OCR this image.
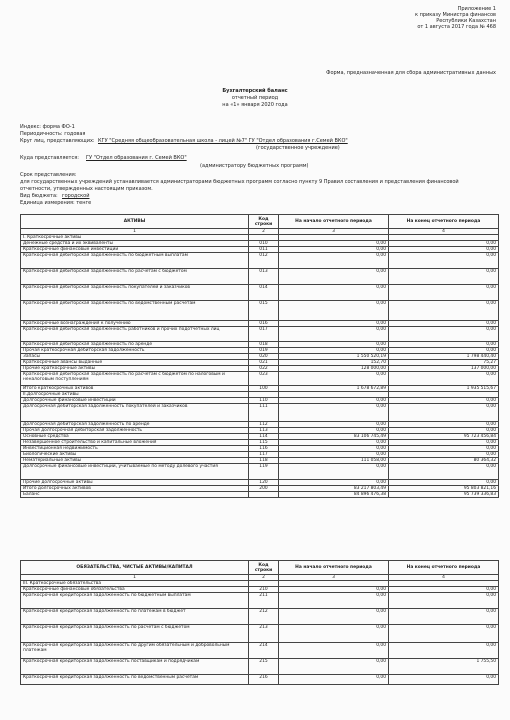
Приложение 1
к приказу Министра финансов
Республики Казахстан
от 1 августа 2017 года № 468
Форма, предназначенная для сбора административных данных
Бухгалтерский баланс
отчетный период
на «1» января 2020 года
Индекс: форма ФО-1
Периодичность: годовая
Круг лиц, представляющих: КГУ "Средняя общеобразовательная школа - лицей №7" ГУ "Отдел образования г.Семей ВКО"
(государственное учреждение)
Куда представляется: ГУ "Отдел образования г. Семей ВКО"
(администратору бюджетных программ)
Срок представления:
для государственных учреждений устанавливается администраторами бюджетных программ согласно пункту 9 Правил составления и представления финансовой
отчетности, утвержденных настоящим приказом.
Вид бюджета: городской
Единица измерения: тенге
АКТИВЫ	Код строки	На начало отчетного периода	На конец отчетного периода
1	2	3	4
I. Краткосрочные активы			
Денежные средства и их эквиваленты	010	0,00	0,00
Краткосрочные финансовые инвестиции	011	0,00	0,00
Краткосрочная дебиторская задолженность по бюджетным выплатам	012	0,00	0,00
Краткосрочная дебиторская задолженность по расчетам с бюджетом	013	0,00	0,00
Краткосрочная дебиторская задолженность покупателей и заказчиков	014	0,00	0,00
Краткосрочная дебиторская задолженность по ведомственным расчетам	015	0,00	0,00
Краткосрочные вознаграждения к получению	016	0,00	0,00
Краткосрочная дебиторская задолженность работников и прочих подотчетных лиц	017	0,00	0,00
Краткосрочная дебиторская задолженность по аренде	018	0,00	0,00
Прочая краткосрочная дебиторская задолженность	019	0,00	0,00
Запасы	020	1 550 520,19	1 798 440,40
Краткосрочные авансы выданные	021	152,70	75,27
Прочие краткосрочные активы	022	128 000,00	137 000,00
Краткосрочная дебиторская задолженность по расчетам с бюджетом по налоговым и неналоговым поступлениям	023	0,00	0,00
Итого краткосрочных активов	100	1 678 672,89	1 935 515,67
II.Долгосрочные активы			
Долгосрочные финансовые инвестиции	110	0,00	0,00
Долгосрочная дебиторская задолженность покупателей и заказчиков	111	0,00	0,00
Долгосрочная дебиторская задолженность по аренде	112	0,00	0,00
Прочая долгосрочная дебиторская задолженность	113	0,00	0,00
Основные средства	114	83 106 745,49	95 723 456,84
Незавершенное строительство и капитальные вложения	115	0,00	0,00
Инвестиционная недвижимость	116	0,00	0,00
Биологические активы	117	0,00	0,00
Нематериальные активы	118	111 058,00	80 364,32
Долгосрочные финансовые инвестиции, учитываемые по методу долевого участия	119	0,00	0,00
Прочие долгосрочные активы	120	0,00	0,00
Итого долгосрочных активов	200	83 217 803,49	95 803 821,16
Баланс		84 896 476,38	95 739 336,83
ОБЯЗАТЕЛЬСТВА, ЧИСТЫЕ АКТИВЫ/КАПИТАЛ	Код строки	На начало отчетного периода	На конец отчетного периода
1	2	3	4
III. Краткосрочные обязательства			
Краткосрочные финансовые обязательства	210	0,00	0,00
Краткосрочная кредиторская задолженность по бюджетным выплатам	211	0,00	0,00
Краткосрочная кредиторская задолженность по платежам в бюджет	212	0,00	0,00
Краткосрочная кредиторская задолженность по расчетам с бюджетом	213	0,00	0,00
Краткосрочная кредиторская задолженность по другим обязательным и добровольным платежам	214	0,00	0,00
Краткосрочная кредиторская задолженность поставщикам и подрядчикам	215	0,00	1 755,50
Краткосрочная кредиторская задолженность по ведомственным расчетам	216	0,00	0,00
